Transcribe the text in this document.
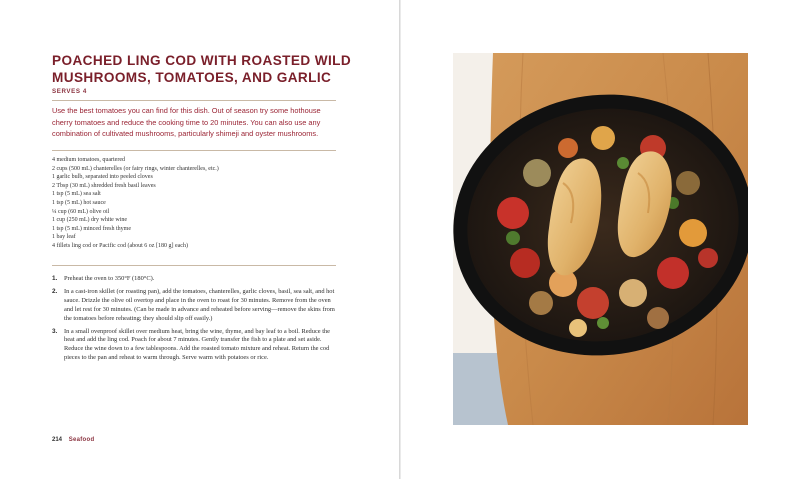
POACHED LING COD WITH ROASTED WILD MUSHROOMS, TOMATOES, AND GARLIC
SERVES 4

Use the best tomatoes you can find for this dish. Out of season try some hothouse cherry tomatoes and reduce the cooking time to 20 minutes. You can also use any combination of cultivated mushrooms, particularly shimeji and oyster mushrooms.

4 medium tomatoes, quartered
2 cups (500 mL) chanterelles (or fairy rings, winter chanterelles, etc.)
1 garlic bulb, separated into peeled cloves
2 Tbsp (30 mL) shredded fresh basil leaves
1 tsp (5 mL) sea salt
1 tsp (5 mL) hot sauce
¼ cup (60 mL) olive oil
1 cup (250 mL) dry white wine
1 tsp (5 mL) minced fresh thyme
1 bay leaf
4 fillets ling cod or Pacific cod (about 6 oz [180 g] each)
1. Preheat the oven to 350°F (180°C).
2. In a cast-iron skillet (or roasting pan), add the tomatoes, chanterelles, garlic cloves, basil, sea salt, and hot sauce. Drizzle the olive oil overtop and place in the oven to roast for 30 minutes. Remove from the oven and let rest for 30 minutes. (Can be made in advance and reheated before serving—remove the skins from the tomatoes before reheating; they should slip off easily.)
3. In a small ovenproof skillet over medium heat, bring the wine, thyme, and bay leaf to a boil. Reduce the heat and add the ling cod. Poach for about 7 minutes. Gently transfer the fish to a plate and set aside. Reduce the wine down to a few tablespoons. Add the roasted tomato mixture and reheat. Return the cod pieces to the pan and reheat to warm through. Serve warm with potatoes or rice.
214 Seafood
